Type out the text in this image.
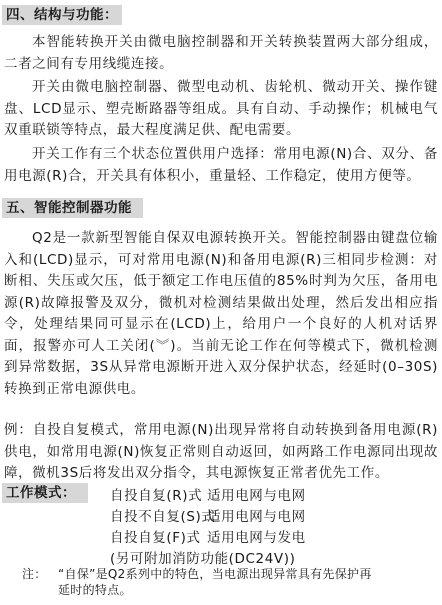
四、结构与功能：

本智能转换开关由微电脑控制器和开关转换装置两大部分组成，二者之间有专用线缆连接。

开关由微电脑控制器、微型电动机、齿轮机、微动开关、操作键盘、LCD显示、塑壳断路器等组成。具有自动、手动操作；机械电气双重联锁等特点，最大程度满足供、配电需要。

开关工作有三个状态位置供用户选择：常用电源(N)合、双分、备用电源(R)合，开关具有体积小，重量轻、工作稳定，使用方便等。

五、智能控制器功能

Q2是一款新型智能自保双电源转换开关。智能控制器由键盘位输入和(LCD)显示，可对常用电源(N)和备用电源(R)三相同步检测：对断相、失压或欠压，低于额定工作电压值的85%时判为欠压，备用电源(R)故障报警及双分，微机对检测结果做出处理，然后发出相应指令，处理结果同可显示在(LCD)上，给用户一个良好的人机对话界面，报警亦可人工关闭(︾)。当前无论工作在何等模式下，微机检测到异常数据，3S从异常电源断开进入双分保护状态，经延时(0–30S)转换到正常电源供电。

例：自投自复模式，常用电源(N)出现异常将自动转换到备用电源(R)供电，如常用电源(N)恢复正常则自动返回，如两路工作电源同出现故障，微机3S后将发出双分指令，其电源恢复正常者优先工作。

工作模式：	自投自复(R)式 适用电网与电网
自投不自复(S)式
适用电网与电网
自投自复(F)式 适用电网与发电
(另可附加消防功能(DC24V))
注： “自保”是Q2系列中的特色，当电源出现异常具有先保护再
延时的特点。
